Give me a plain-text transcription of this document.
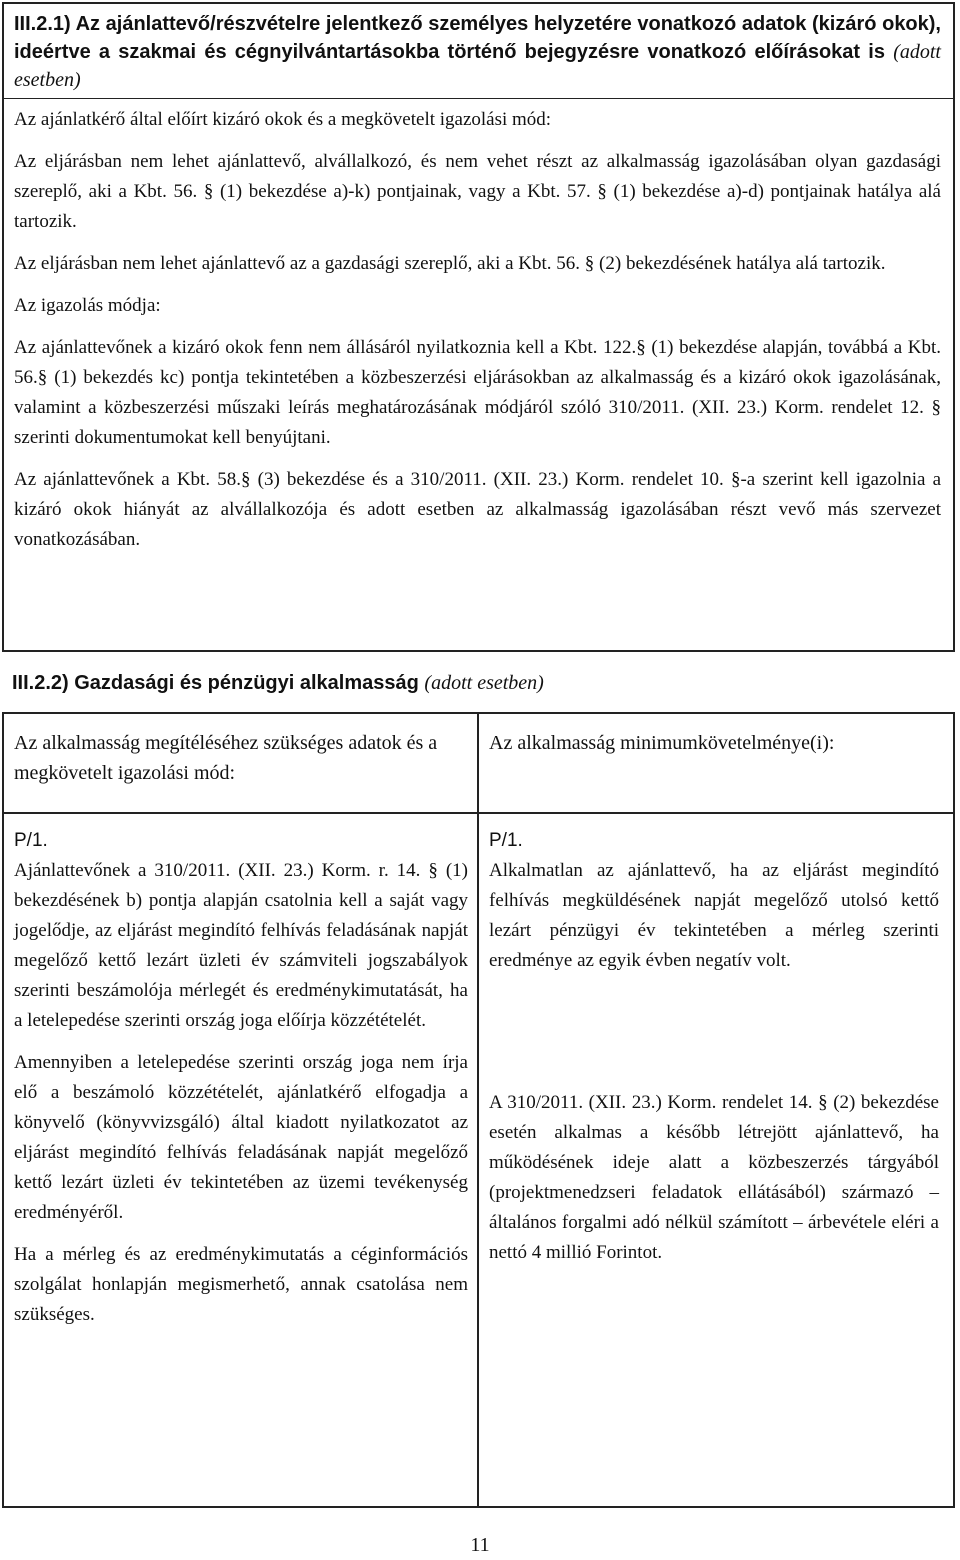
III.2.1) Az ajánlattevő/részvételre jelentkező személyes helyzetére vonatkozó adatok (kizáró okok), ideértve a szakmai és cégnyilvántartásokba történő bejegyzésre vonatkozó előírásokat is (adott esetben)

Az ajánlatkérő által előírt kizáró okok és a megkövetelt igazolási mód:

Az eljárásban nem lehet ajánlattevő, alvállalkozó, és nem vehet részt az alkalmasság igazolásában olyan gazdasági szereplő, aki a Kbt. 56. § (1) bekezdése a)-k) pontjainak, vagy a Kbt. 57. § (1) bekezdése a)-d) pontjainak hatálya alá tartozik.

Az eljárásban nem lehet ajánlattevő az a gazdasági szereplő, aki a Kbt. 56. § (2) bekezdésének hatálya alá tartozik.

Az igazolás módja:

Az ajánlattevőnek a kizáró okok fenn nem állásáról nyilatkoznia kell a Kbt. 122.§ (1) bekezdése alapján, továbbá a Kbt. 56.§ (1) bekezdés kc) pontja tekintetében a közbeszerzési eljárásokban az alkalmasság és a kizáró okok igazolásának, valamint a közbeszerzési műszaki leírás meghatározásának módjáról szóló 310/2011. (XII. 23.) Korm. rendelet 12. § szerinti dokumentumokat kell benyújtani.

Az ajánlattevőnek a Kbt. 58.§ (3) bekezdése és a 310/2011. (XII. 23.) Korm. rendelet 10. §-a szerint kell igazolnia a kizáró okok hiányát az alvállalkozója és adott esetben az alkalmasság igazolásában részt vevő más szervezet vonatkozásában.

III.2.2) Gazdasági és pénzügyi alkalmasság (adott esetben)
Az alkalmasság megítéléséhez szükséges adatok és a megkövetelt igazolási mód:
Az alkalmasság minimumkövetelménye(i):
P/1.

Ajánlattevőnek a 310/2011. (XII. 23.) Korm. r. 14. § (1) bekezdésének b) pontja alapján csatolnia kell a saját vagy jogelődje, az eljárást megindító felhívás feladásának napját megelőző kettő lezárt üzleti év számviteli jogszabályok szerinti beszámolója mérlegét és eredménykimutatását, ha a letelepedése szerinti ország joga előírja közzétételét.

Amennyiben a letelepedése szerinti ország joga nem írja elő a beszámoló közzétételét, ajánlatkérő elfogadja a könyvelő (könyvvizsgáló) által kiadott nyilatkozatot az eljárást megindító felhívás feladásának napját megelőző kettő lezárt üzleti év tekintetében az üzemi tevékenység eredményéről.

Ha a mérleg és az eredménykimutatás a céginformációs szolgálat honlapján megismerhető, annak csatolása nem szükséges.

P/1.

Alkalmatlan az ajánlattevő, ha az eljárást megindító felhívás megküldésének napját megelőző utolsó kettő lezárt pénzügyi év tekintetében a mérleg szerinti eredménye az egyik évben negatív volt.

A 310/2011. (XII. 23.) Korm. rendelet 14. § (2) bekezdése esetén alkalmas a később létrejött ajánlattevő, ha működésének ideje alatt a közbeszerzés tárgyából (projektmenedzseri feladatok ellátásából) származó – általános forgalmi adó nélkül számított – árbevétele eléri a nettó 4 millió Forintot.

11
